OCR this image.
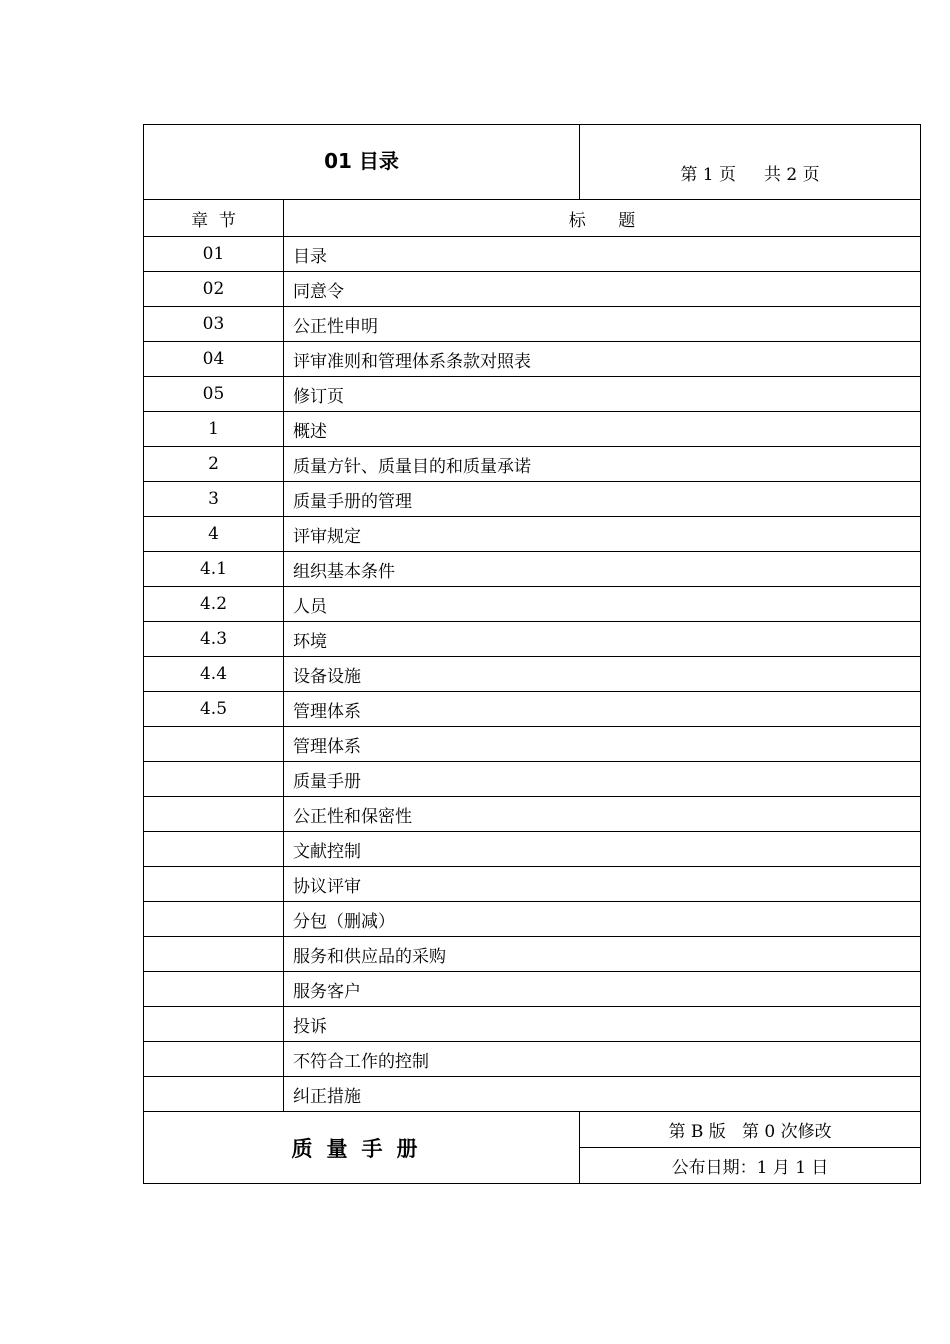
01 目录		第 1 页 共 2 页
章  节	标      题	
01	目录	
02	同意令	
03	公正性申明	
04	评审准则和管理体系条款对照表	
05	修订页	
1	概述	
2	质量方针、质量目的和质量承诺	
3	质量手册的管理	
4	评审规定	
4.1	组织基本条件	
4.2	人员	
4.3	环境	
4.4	设备设施	
4.5	管理体系	
	管理体系	
	质量手册	
	公正性和保密性	
	文献控制	
	协议评审	
	分包（删减）	
	服务和供应品的采购	
	服务客户	
	投诉	
	不符合工作的控制	
	纠正措施	
质量手册		第 B 版   第 0 次修改
		公布日期：1 月 1 日
